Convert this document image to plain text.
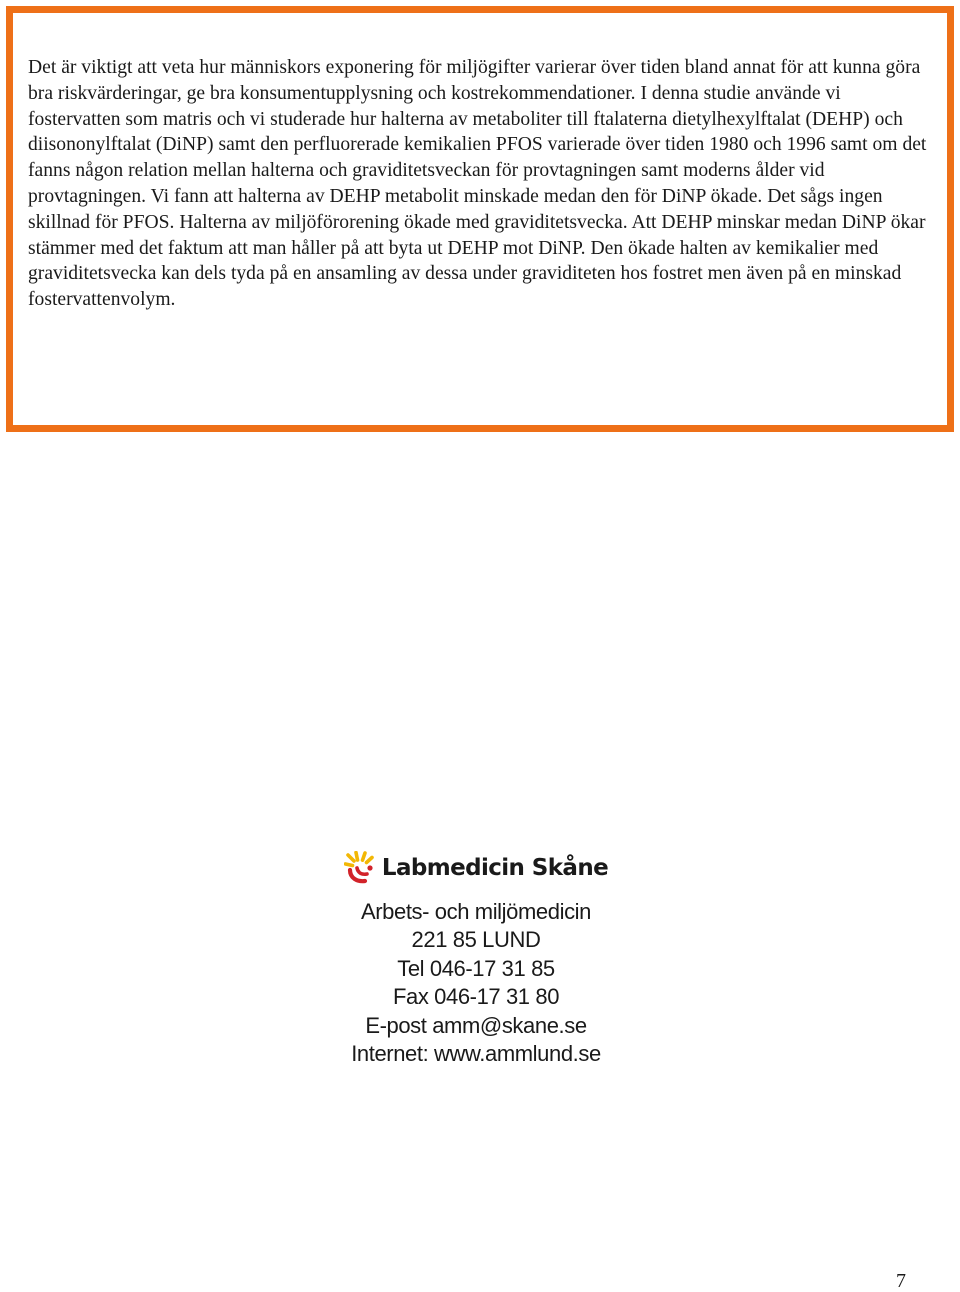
Det är viktigt att veta hur människors exponering för miljögifter varierar över tiden bland annat för att kunna göra bra riskvärderingar, ge bra konsumentupplysning och kostrekommendationer. I denna studie använde vi fostervatten som matris och vi studerade hur halterna av metaboliter till ftalaterna dietylhexylftalat (DEHP) och diisononylftalat (DiNP) samt den perfluorerade kemikalien PFOS varierade över tiden 1980 och 1996 samt om det fanns någon relation mellan halterna och graviditetsveckan för provtagningen samt moderns ålder vid provtagningen. Vi fann att halterna av DEHP metabolit minskade medan den för DiNP ökade. Det sågs ingen skillnad för PFOS. Halterna av miljöförorening ökade med graviditetsvecka. Att DEHP minskar medan DiNP ökar stämmer med det faktum att man håller på att byta ut DEHP mot DiNP. Den ökade halten av kemikalier med graviditetsvecka kan dels tyda på en ansamling av dessa under graviditeten hos fostret men även på en minskad fostervattenvolym.

Labmedicin Skåne
Arbets- och miljömedicin
221 85 LUND
Tel 046-17 31 85
Fax 046-17 31 80
E-post amm@skane.se
Internet: www.ammlund.se
7
